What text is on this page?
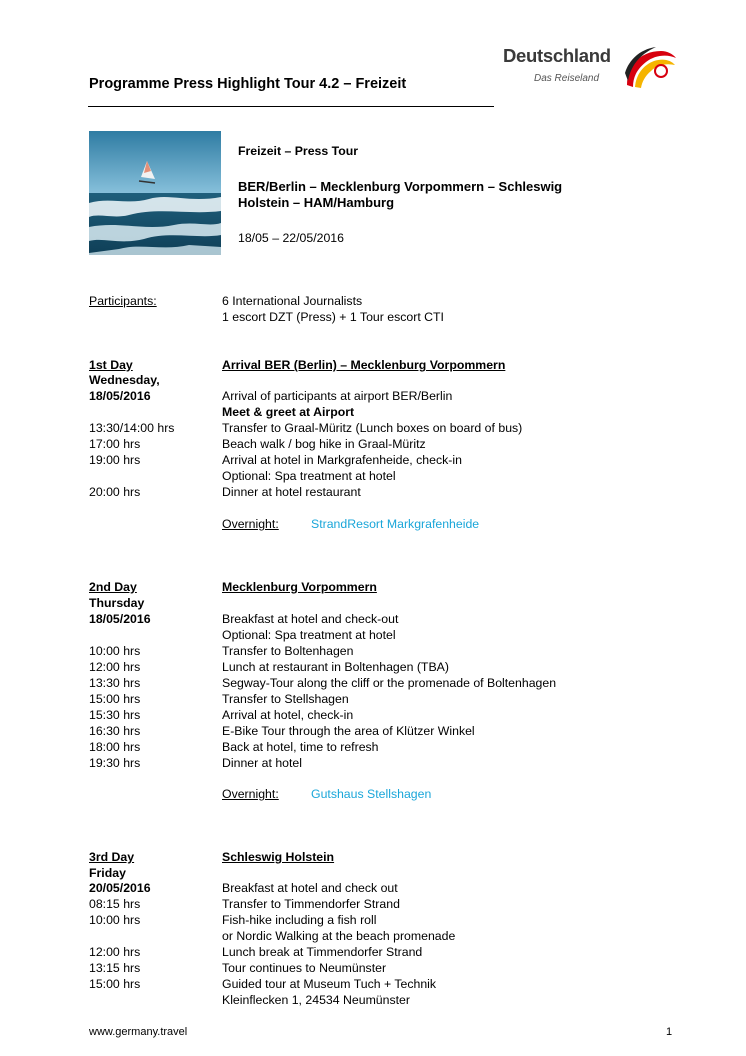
Programme Press Highlight Tour 4.2 – Freizeit
Deutschland
Das Reiseland
Freizeit – Press Tour
BER/Berlin – Mecklenburg Vorpommern – Schleswig
Holstein – HAM/Hamburg
18/05 – 22/05/2016
Participants:	6 International Journalists
1 escort DZT (Press) + 1 Tour escort CTI
1st Day	Arrival BER (Berlin) – Mecklenburg Vorpommern
Wednesday,
18/05/2016	Arrival of participants at airport BER/Berlin
Meet & greet at Airport
13:30/14:00 hrs	Transfer to Graal-Müritz (Lunch boxes on board of bus)
17:00 hrs	Beach walk / bog hike in Graal-Müritz
19:00 hrs	Arrival at hotel in Markgrafenheide, check-in
Optional: Spa treatment at hotel
20:00 hrs	Dinner at hotel restaurant
Overnight:	StrandResort Markgrafenheide
2nd Day	Mecklenburg Vorpommern
Thursday
18/05/2016	Breakfast at hotel and check-out
Optional: Spa treatment at hotel
10:00 hrs	Transfer to Boltenhagen
12:00 hrs	Lunch at restaurant in Boltenhagen (TBA)
13:30 hrs	Segway-Tour along the cliff or the promenade of Boltenhagen
15:00 hrs	Transfer to Stellshagen
15:30 hrs	Arrival at hotel, check-in
16:30 hrs	E-Bike Tour through the area of Klützer Winkel
18:00 hrs	Back at hotel, time to refresh
19:30 hrs	Dinner at hotel
Overnight:	Gutshaus Stellshagen
3rd Day	Schleswig Holstein
Friday
20/05/2016	Breakfast at hotel and check out
08:15 hrs	Transfer to Timmendorfer Strand
10:00 hrs	Fish-hike including a fish roll
or Nordic Walking at the beach promenade
12:00 hrs	Lunch break at Timmendorfer Strand
13:15 hrs	Tour continues to Neumünster
15:00 hrs	Guided tour at Museum Tuch + Technik
Kleinflecken 1, 24534 Neumünster
www.germany.travel	1
